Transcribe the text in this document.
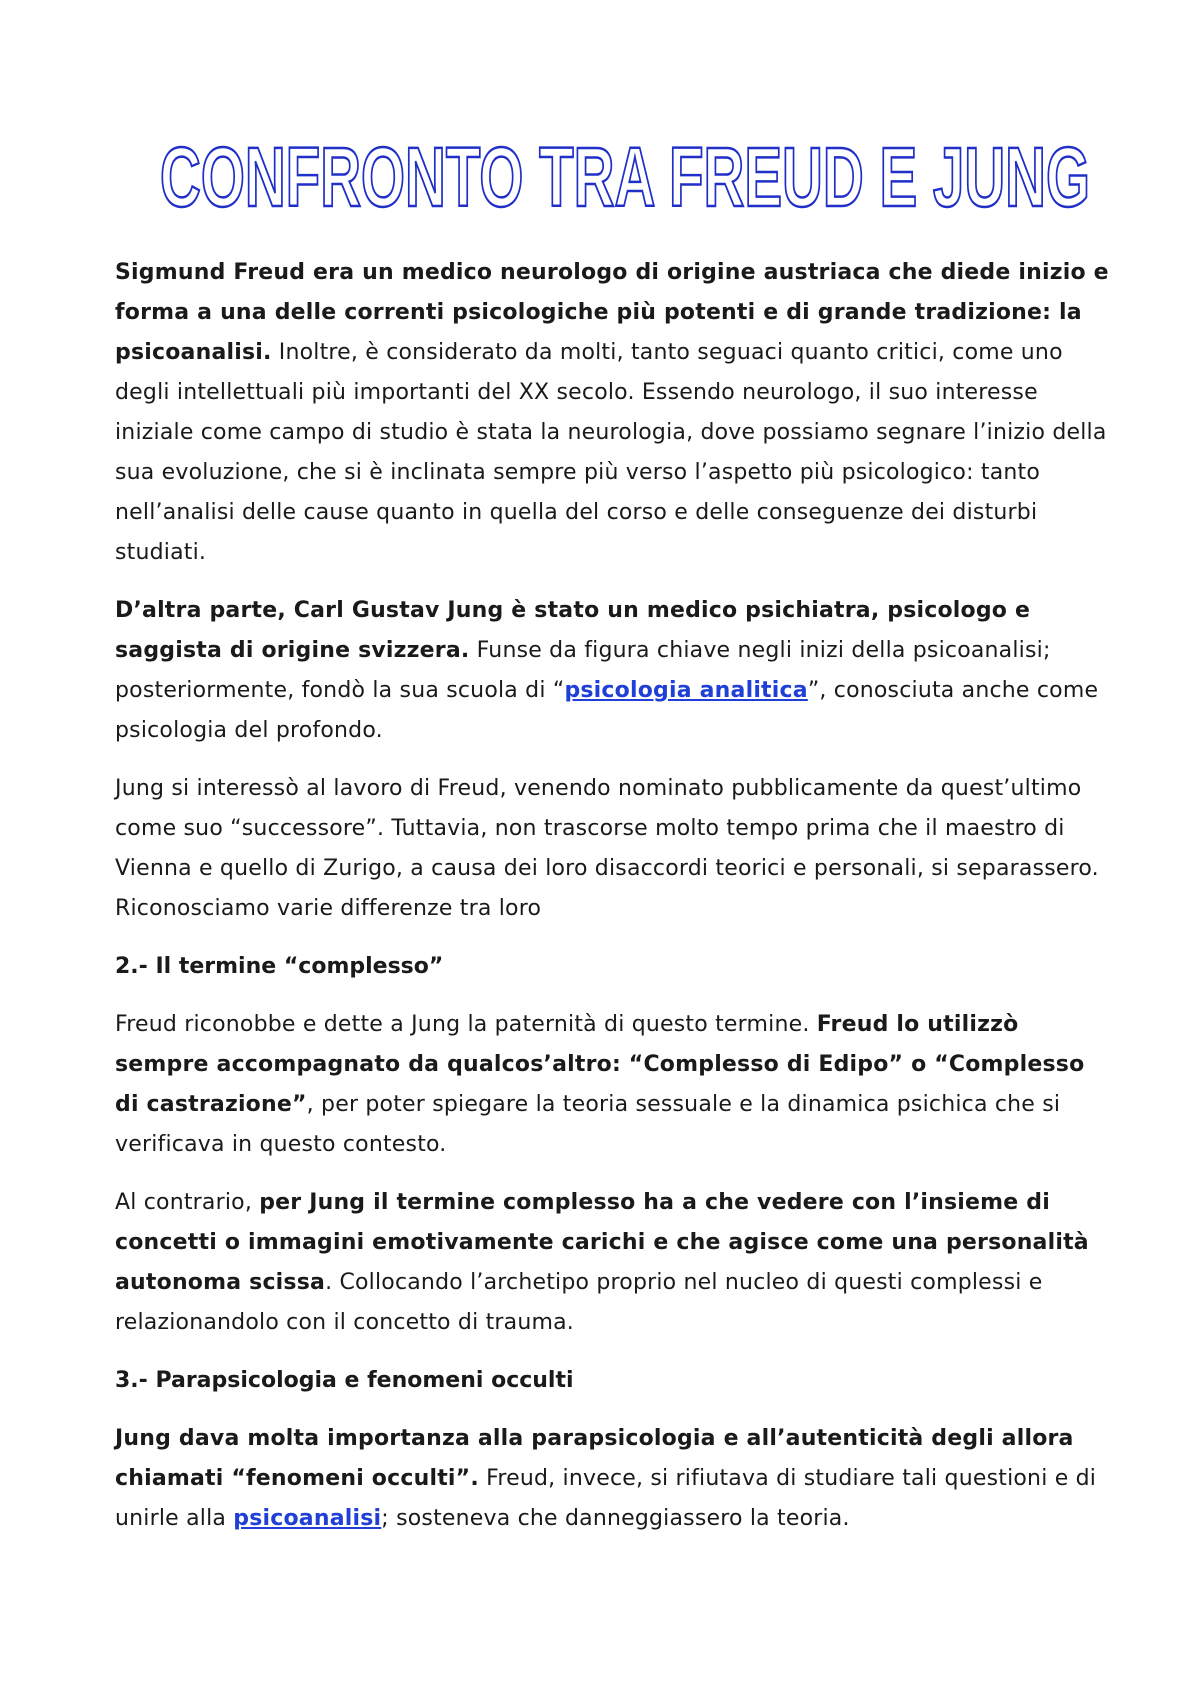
CONFRONTO TRA FREUD E JUNG

Sigmund Freud era un medico neurologo di origine austriaca che diede inizio e forma a una delle correnti psicologiche più potenti e di grande tradizione: la psicoanalisi. Inoltre, è considerato da molti, tanto seguaci quanto critici, come uno degli intellettuali più importanti del XX secolo. Essendo neurologo, il suo interesse iniziale come campo di studio è stata la neurologia, dove possiamo segnare l’inizio della sua evoluzione, che si è inclinata sempre più verso l’aspetto più psicologico: tanto nell’analisi delle cause quanto in quella del corso e delle conseguenze dei disturbi studiati.

D’altra parte, Carl Gustav Jung è stato un medico psichiatra, psicologo e saggista di origine svizzera. Funse da figura chiave negli inizi della psicoanalisi; posteriormente, fondò la sua scuola di “psicologia analitica”, conosciuta anche come psicologia del profondo.

Jung si interessò al lavoro di Freud, venendo nominato pubblicamente da quest’ultimo come suo “successore”. Tuttavia, non trascorse molto tempo prima che il maestro di Vienna e quello di Zurigo, a causa dei loro disaccordi teorici e personali, si separassero. Riconosciamo varie differenze tra loro

2.- Il termine “complesso”

Freud riconobbe e dette a Jung la paternità di questo termine. Freud lo utilizzò sempre accompagnato da qualcos’altro: “Complesso di Edipo” o “Complesso di castrazione”, per poter spiegare la teoria sessuale e la dinamica psichica che si verificava in questo contesto.

Al contrario, per Jung il termine complesso ha a che vedere con l’insieme di concetti o immagini emotivamente carichi e che agisce come una personalità autonoma scissa. Collocando l’archetipo proprio nel nucleo di questi complessi e relazionandolo con il concetto di trauma.

3.- Parapsicologia e fenomeni occulti

Jung dava molta importanza alla parapsicologia e all’autenticità degli allora chiamati “fenomeni occulti”. Freud, invece, si rifiutava di studiare tali questioni e di unirle alla psicoanalisi; sosteneva che danneggiassero la teoria.
